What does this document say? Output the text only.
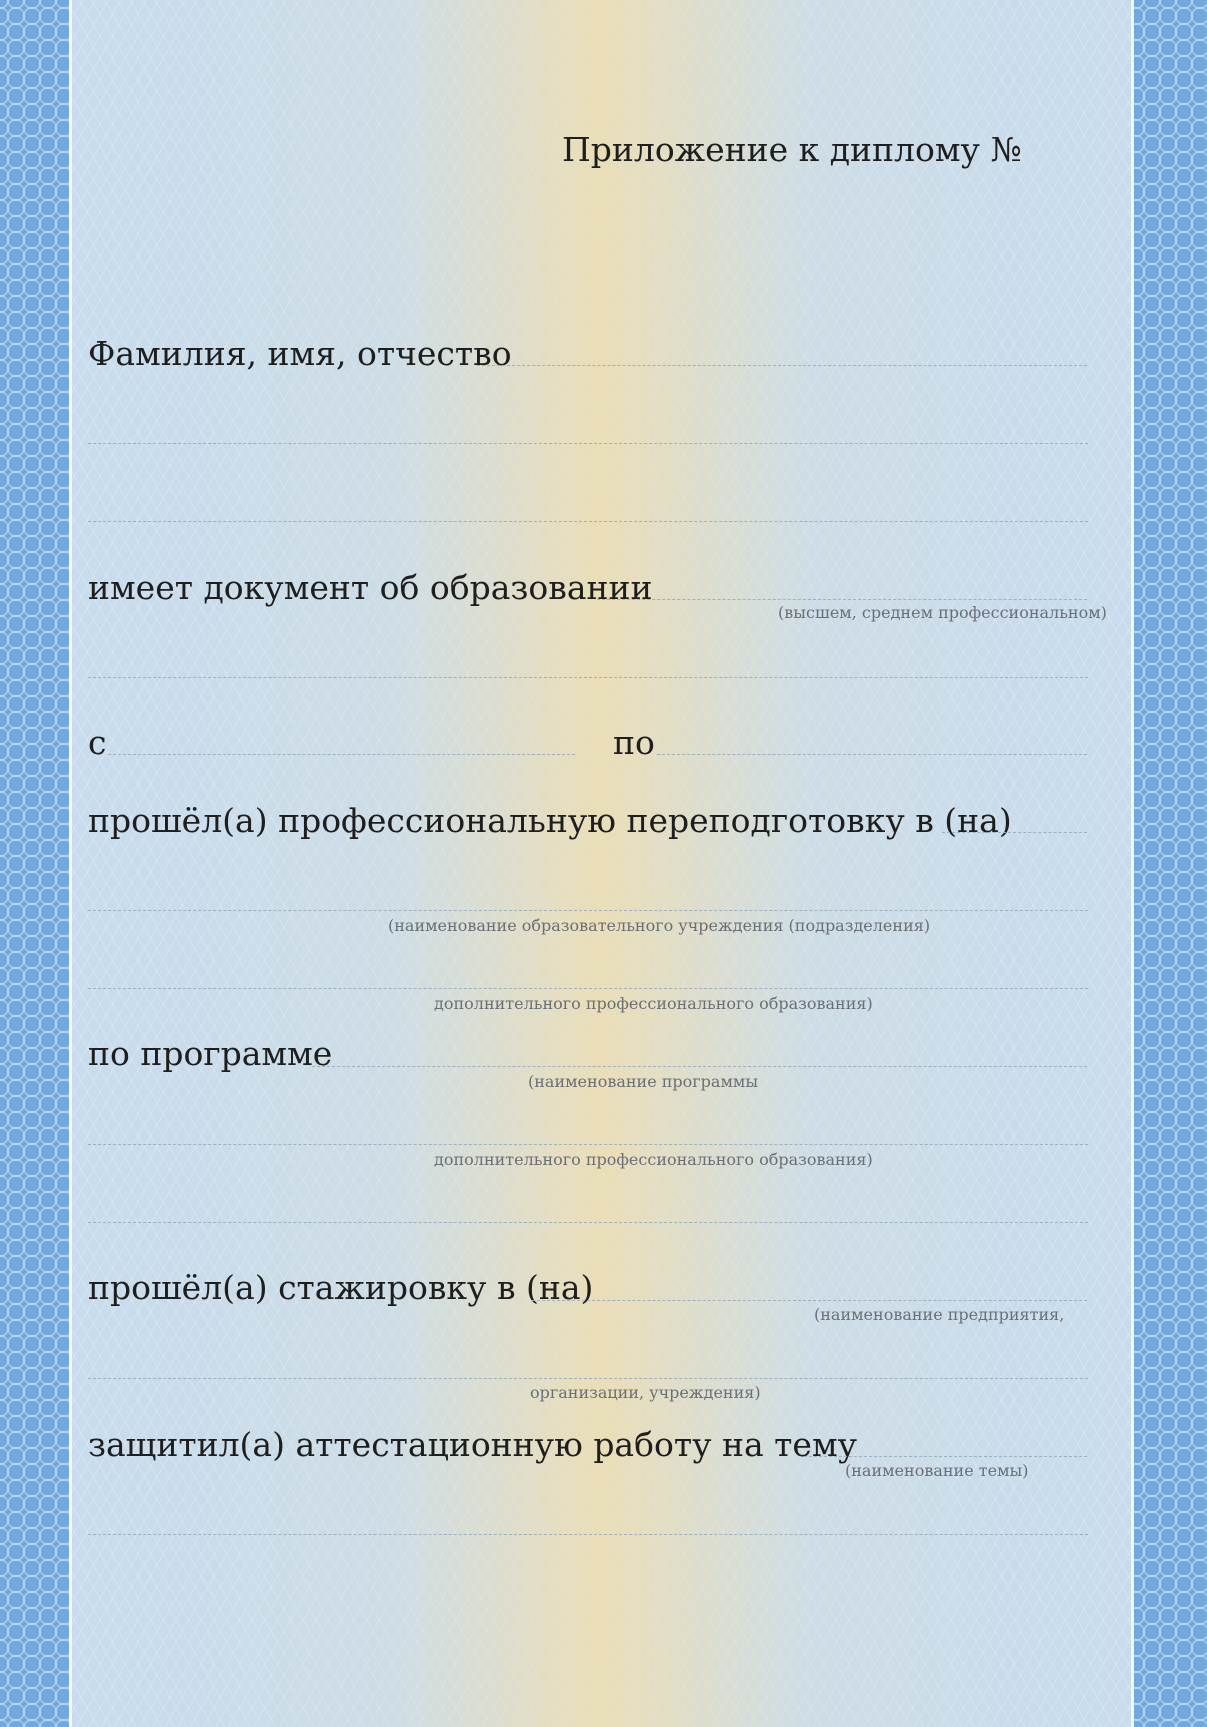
Приложение к диплому №
Фамилия, имя, отчество
имеет документ об образовании
(высшем, среднем профессиональном)
с	по
прошёл(а) профессиональную переподготовку в (на)
(наименование образовательного учреждения (подразделения)
дополнительного профессионального образования)
по программе
(наименование программы
дополнительного профессионального образования)
прошёл(а) стажировку в (на)
(наименование предприятия,
организации, учреждения)
защитил(а) аттестационную работу на тему
(наименование темы)
